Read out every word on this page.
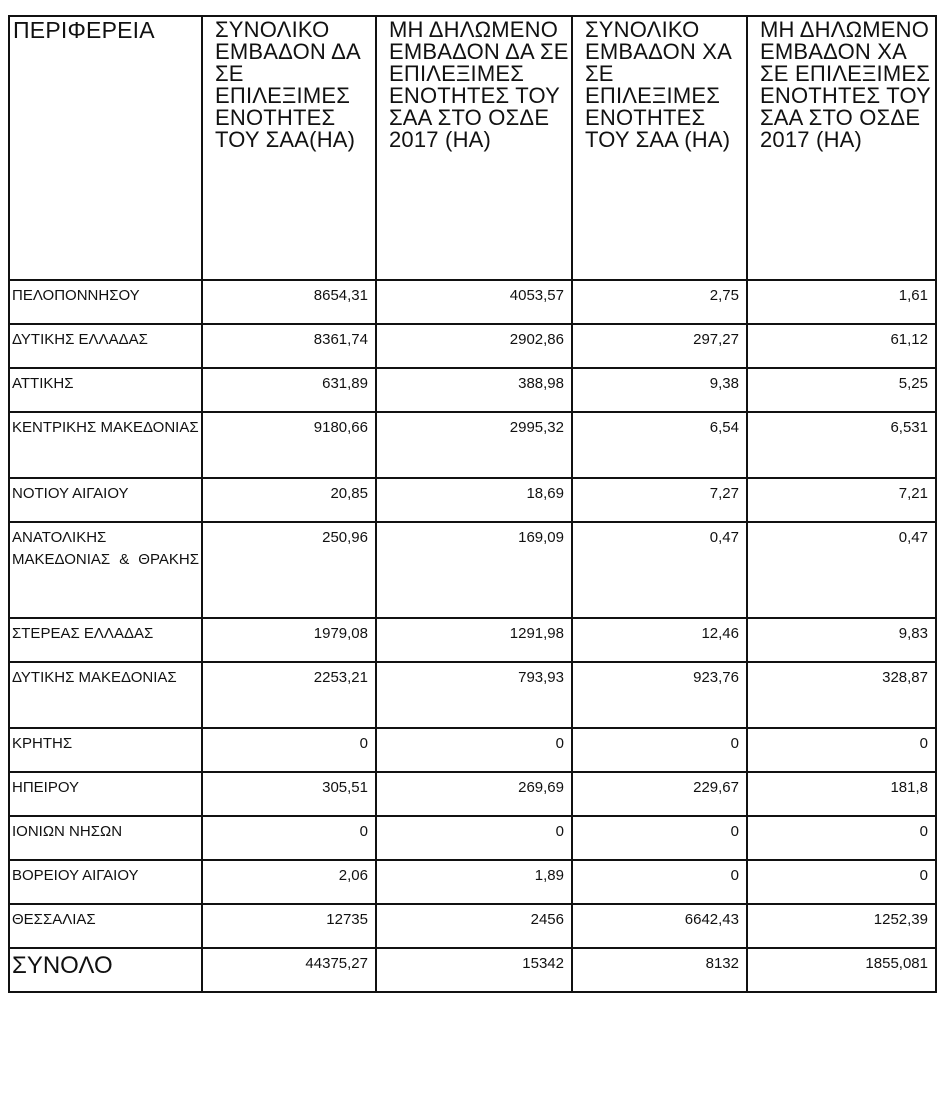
ΠΕΡΙΦΕΡΕΙΑ	ΣΥΝΟΛΙΚΟ ΕΜΒΑΔΟΝ ΔΑ ΣΕ ΕΠΙΛΕΞΙΜΕΣ ΕΝΟΤΗΤΕΣ ΤΟΥ ΣΑΑ(HA)	ΜΗ ΔΗΛΩΜΕΝΟ ΕΜΒΑΔΟΝ ΔΑ ΣΕ ΕΠΙΛΕΞΙΜΕΣ ΕΝΟΤΗΤΕΣ ΤΟΥ ΣΑΑ ΣΤΟ ΟΣΔΕ 2017 (HA)	ΣΥΝΟΛΙΚΟ ΕΜΒΑΔΟΝ ΧΑ ΣΕ ΕΠΙΛΕΞΙΜΕΣ ΕΝΟΤΗΤΕΣ ΤΟΥ ΣΑΑ (HA)	ΜΗ ΔΗΛΩΜΕΝΟ ΕΜΒΑΔΟΝ ΧΑ ΣΕ ΕΠΙΛΕΞΙΜΕΣ ΕΝΟΤΗΤΕΣ ΤΟΥ ΣΑΑ ΣΤΟ ΟΣΔΕ 2017 (HA)
ΠΕΛΟΠΟΝΝΗΣΟΥ	8654,31	4053,57	2,75	1,61
ΔΥΤΙΚΗΣ ΕΛΛΑΔΑΣ	8361,74	2902,86	297,27	61,12
ΑΤΤΙΚΗΣ	631,89	388,98	9,38	5,25
ΚΕΝΤΡΙΚΗΣ ΜΑΚΕΔΟΝΙΑΣ	9180,66	2995,32	6,54	6,531
ΝΟΤΙΟΥ ΑΙΓΑΙΟΥ	20,85	18,69	7,27	7,21
ΑΝΑΤΟΛΙΚΗΣ ΜΑΚΕΔΟΝΙΑΣ & ΘΡΑΚΗΣ	250,96	169,09	0,47	0,47
ΣΤΕΡΕΑΣ ΕΛΛΑΔΑΣ	1979,08	1291,98	12,46	9,83
ΔΥΤΙΚΗΣ ΜΑΚΕΔΟΝΙΑΣ	2253,21	793,93	923,76	328,87
ΚΡΗΤΗΣ	0	0	0	0
ΗΠΕΙΡΟΥ	305,51	269,69	229,67	181,8
ΙΟΝΙΩΝ ΝΗΣΩΝ	0	0	0	0
ΒΟΡΕΙΟΥ ΑΙΓΑΙΟΥ	2,06	1,89	0	0
ΘΕΣΣΑΛΙΑΣ	12735	2456	6642,43	1252,39
ΣΥΝΟΛΟ	44375,27	15342	8132	1855,081
